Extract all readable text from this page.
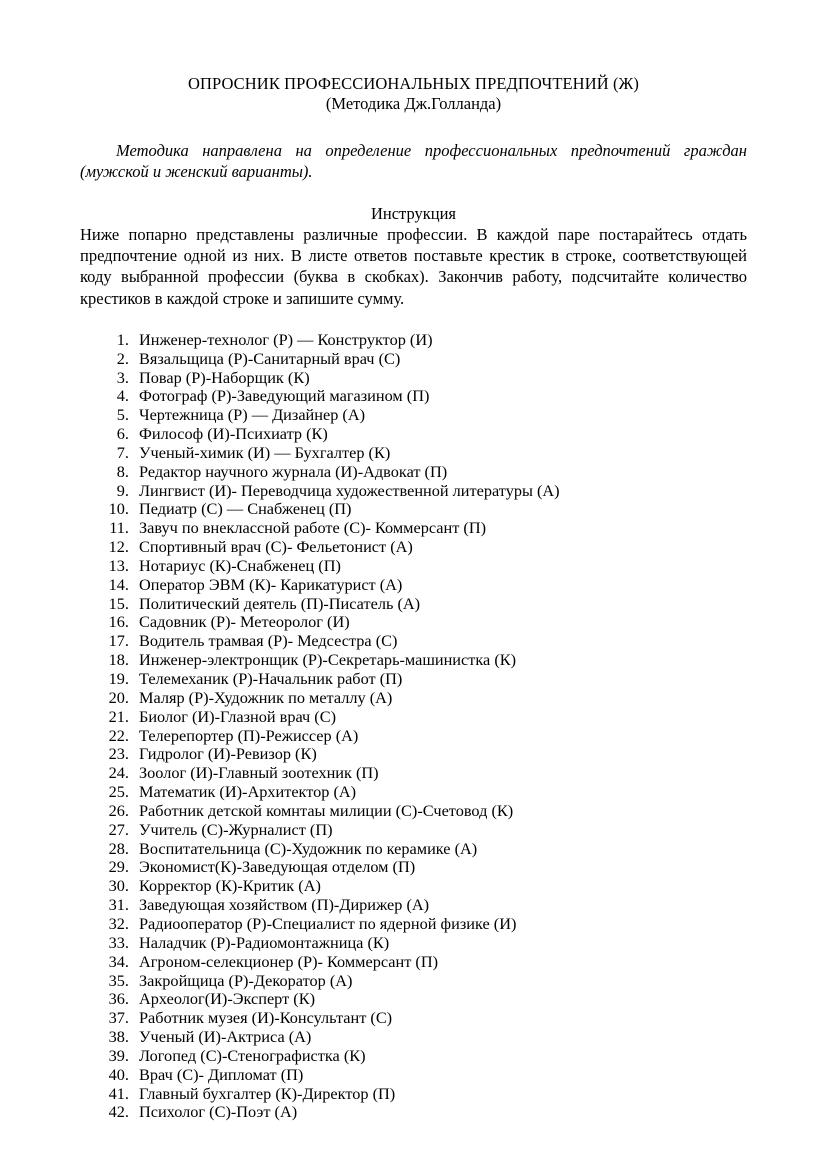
ОПРОСНИК ПРОФЕССИОНАЛЬНЫХ ПРЕДПОЧТЕНИЙ (Ж)
(Методика Дж.Голланда)

Методика направлена на определение профессиональных предпочтений граждан (мужской и женский варианты).

Инструкция

Ниже попарно представлены различные профессии. В каждой паре постарайтесь отдать предпочтение одной из них. В листе ответов поставьте крестик в строке, соответствующей коду выбранной профессии (буква в скобках). Закончив работу, подсчитайте количество крестиков в каждой строке и запишите сумму.

1. Инженер-технолог (Р) — Конструктор (И)
2. Вязальщица (Р)-Санитарный врач (С)
3. Повар (Р)-Наборщик (К)
4. Фотограф (Р)-Заведующий магазином (П)
5. Чертежница (Р) — Дизайнер (А)
6. Философ (И)-Психиатр (К)
7. Ученый-химик (И) — Бухгалтер (К)
8. Редактор научного журнала (И)-Адвокат (П)
9. Лингвист (И)- Переводчица художественной литературы (А)
10. Педиатр (С) — Снабженец (П)
11. Завуч по внеклассной работе (С)- Коммерсант (П)
12. Спортивный врач (С)- Фельетонист (А)
13. Нотариус (К)-Снабженец (П)
14. Оператор ЭВМ (К)- Карикатурист (А)
15. Политический деятель (П)-Писатель (А)
16. Садовник (Р)- Метеоролог (И)
17. Водитель трамвая (Р)- Медсестра (С)
18. Инженер-электронщик (Р)-Секретарь-машинистка (К)
19. Телемеханик (Р)-Начальник работ (П)
20. Маляр (Р)-Художник по металлу (А)
21. Биолог (И)-Глазной врач (С)
22. Телерепортер (П)-Режиссер (А)
23. Гидролог (И)-Ревизор (К)
24. Зоолог (И)-Главный зоотехник (П)
25. Математик (И)-Архитектор (А)
26. Работник детской комнтаы милиции (С)-Счетовод (К)
27. Учитель (С)-Журналист (П)
28. Воспитательница (С)-Художник по керамике (А)
29. Экономист(К)-Заведующая отделом (П)
30. Корректор (К)-Критик (А)
31. Заведующая хозяйством (П)-Дирижер (А)
32. Радиооператор (Р)-Специалист по ядерной физике (И)
33. Наладчик (Р)-Радиомонтажница (К)
34. Агроном-селекционер (Р)- Коммерсант (П)
35. Закройщица (Р)-Декоратор (А)
36. Археолог(И)-Эксперт (К)
37. Работник музея (И)-Консультант (С)
38. Ученый (И)-Актриса (А)
39. Логопед (С)-Стенографистка (К)
40. Врач (С)- Дипломат (П)
41. Главный бухгалтер (К)-Директор (П)
42. Психолог (С)-Поэт (А)
